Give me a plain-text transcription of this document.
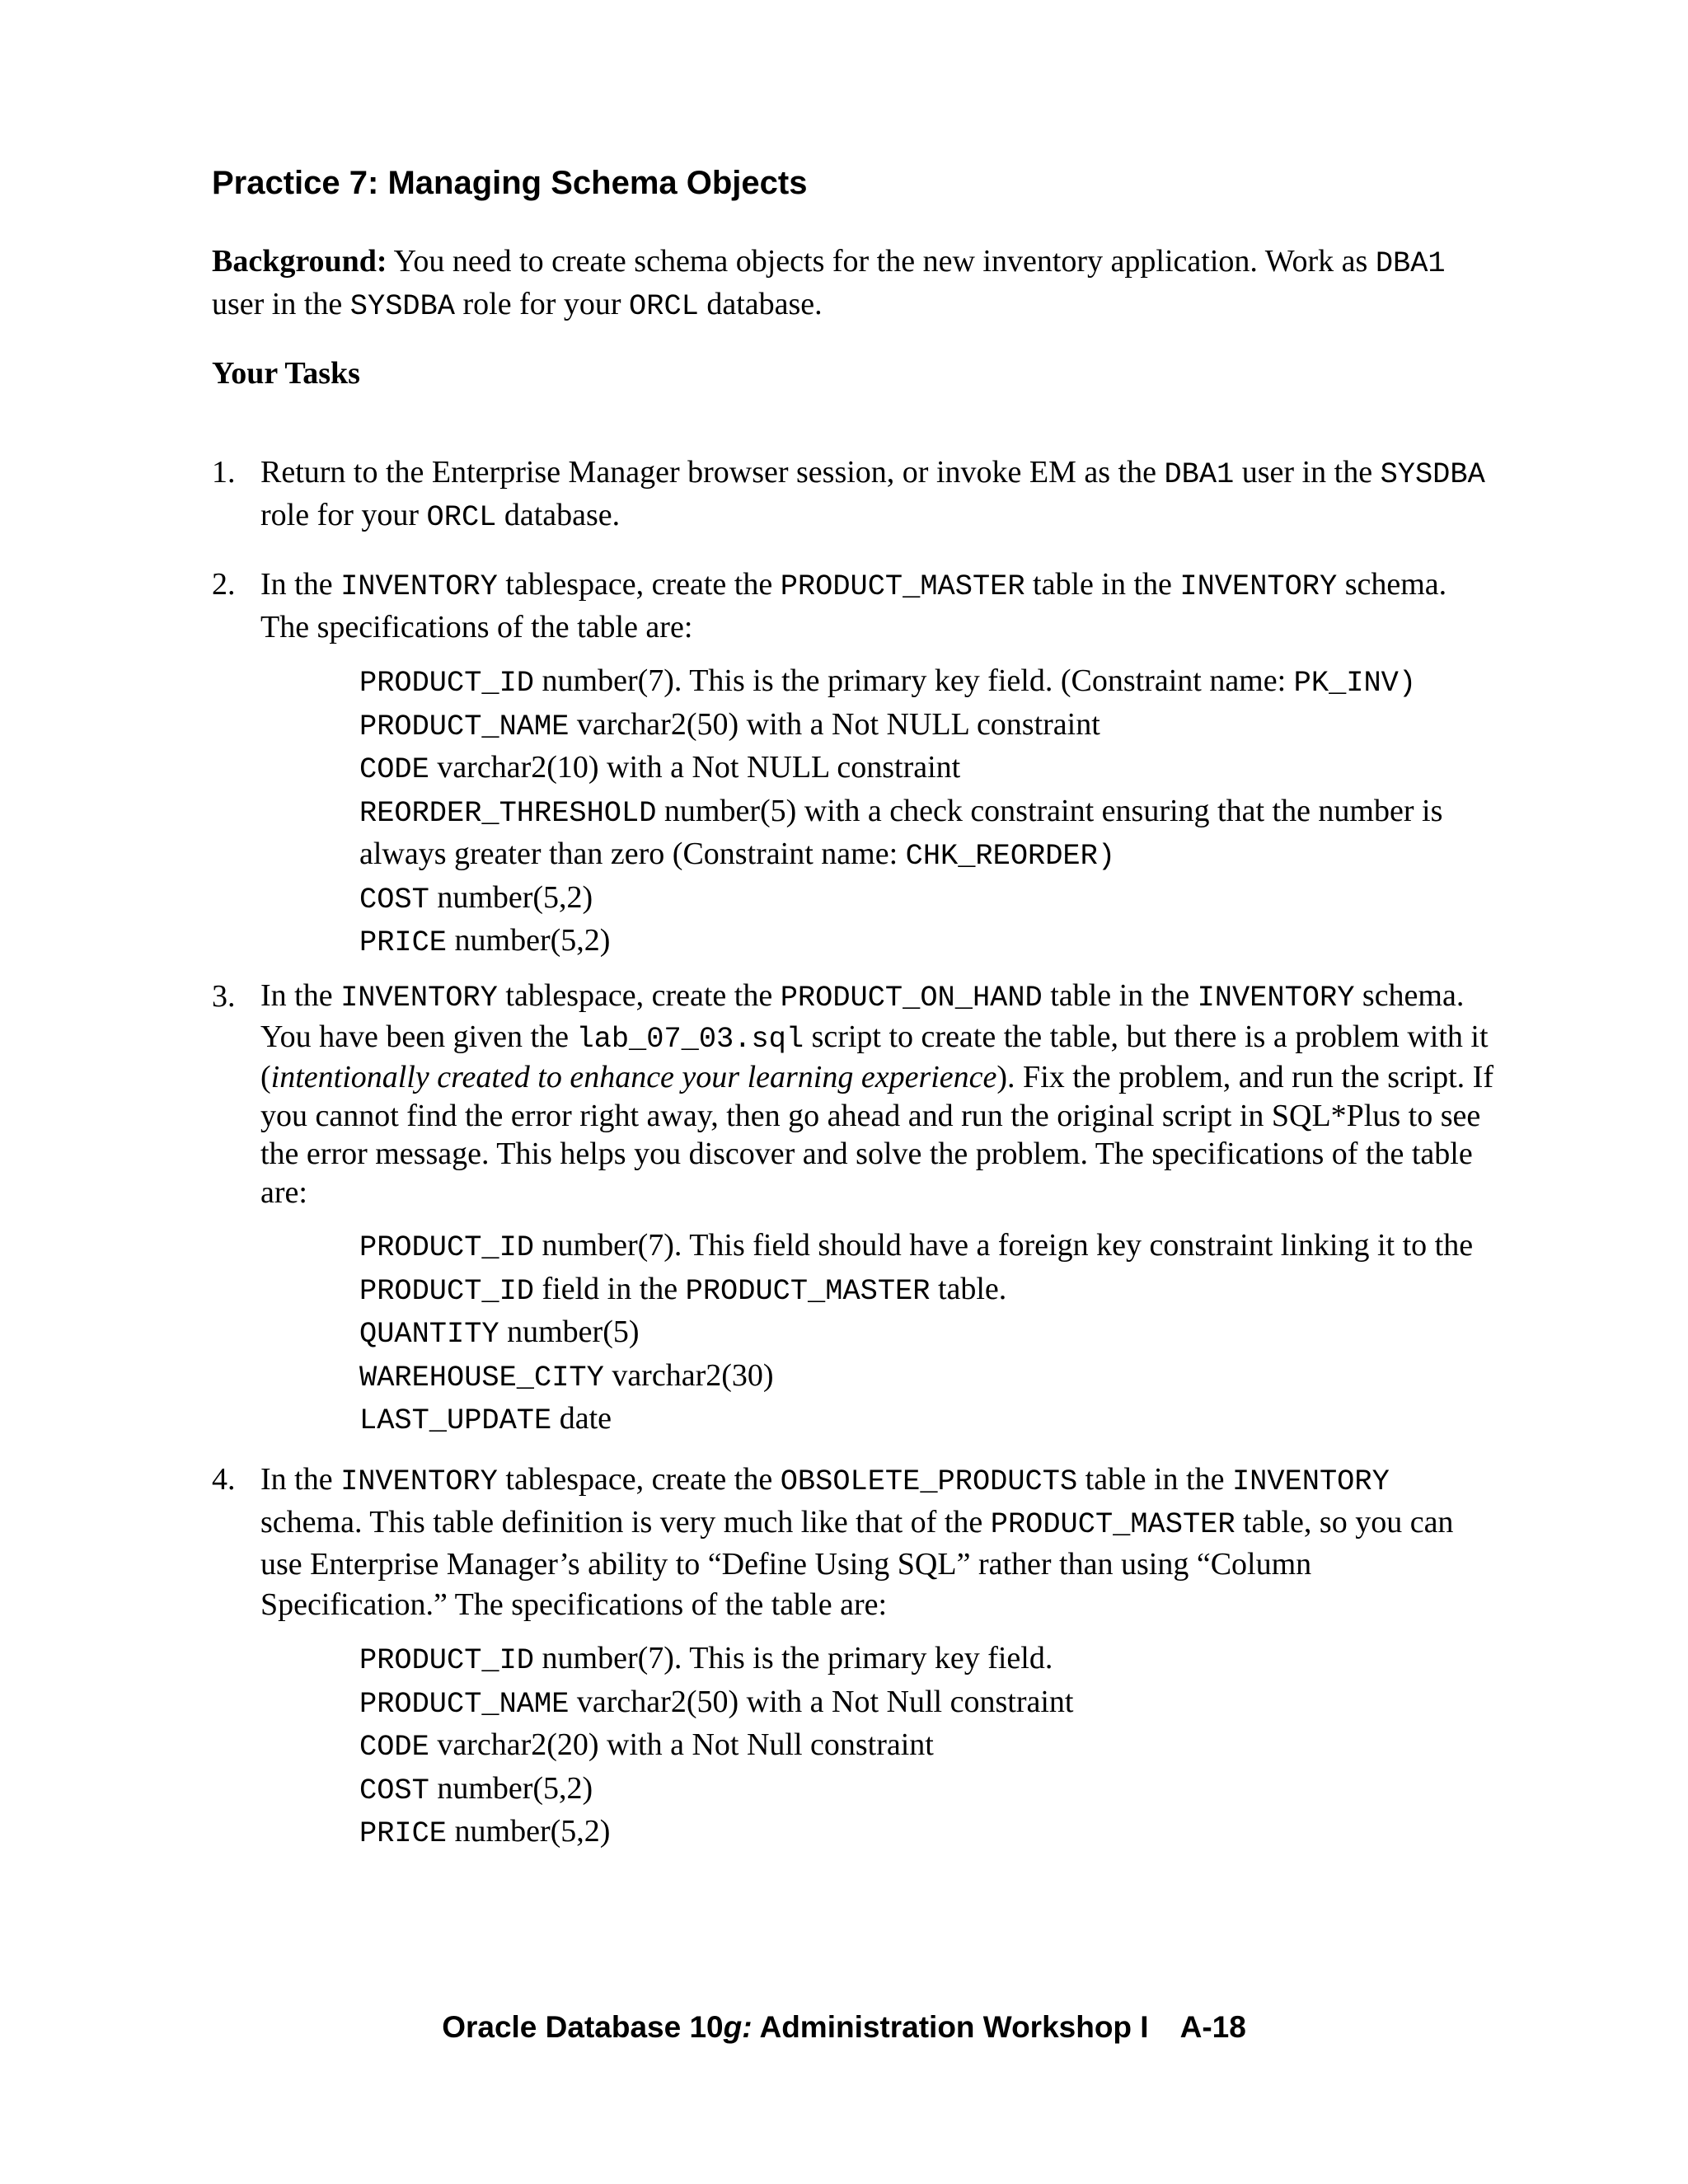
Practice 7: Managing Schema Objects

Background: You need to create schema objects for the new inventory application. Work as DBA1 user in the SYSDBA role for your ORCL database.

Your Tasks
1. Return to the Enterprise Manager browser session, or invoke EM as the DBA1 user in the SYSDBA role for your ORCL database.
2. In the INVENTORY tablespace, create the PRODUCT_MASTER table in the INVENTORY schema. The specifications of the table are:
PRODUCT_ID number(7). This is the primary key field. (Constraint name: PK_INV)
PRODUCT_NAME varchar2(50) with a Not NULL constraint
CODE varchar2(10) with a Not NULL constraint
REORDER_THRESHOLD number(5) with a check constraint ensuring that the number is always greater than zero (Constraint name: CHK_REORDER)
COST number(5,2)
PRICE number(5,2)
3. In the INVENTORY tablespace, create the PRODUCT_ON_HAND table in the INVENTORY schema. You have been given the lab_07_03.sql script to create the table, but there is a problem with it (intentionally created to enhance your learning experience). Fix the problem, and run the script. If you cannot find the error right away, then go ahead and run the original script in SQL*Plus to see the error message. This helps you discover and solve the problem. The specifications of the table are:
PRODUCT_ID number(7). This field should have a foreign key constraint linking it to the PRODUCT_ID field in the PRODUCT_MASTER table.
QUANTITY number(5)
WAREHOUSE_CITY varchar2(30)
LAST_UPDATE date
4. In the INVENTORY tablespace, create the OBSOLETE_PRODUCTS table in the INVENTORY schema. This table definition is very much like that of the PRODUCT_MASTER table, so you can use Enterprise Manager’s ability to “Define Using SQL” rather than using “Column Specification.” The specifications of the table are:
PRODUCT_ID number(7). This is the primary key field.
PRODUCT_NAME varchar2(50) with a Not Null constraint
CODE varchar2(20) with a Not Null constraint
COST number(5,2)
PRICE number(5,2)
Oracle Database 10g: Administration Workshop I A-18
